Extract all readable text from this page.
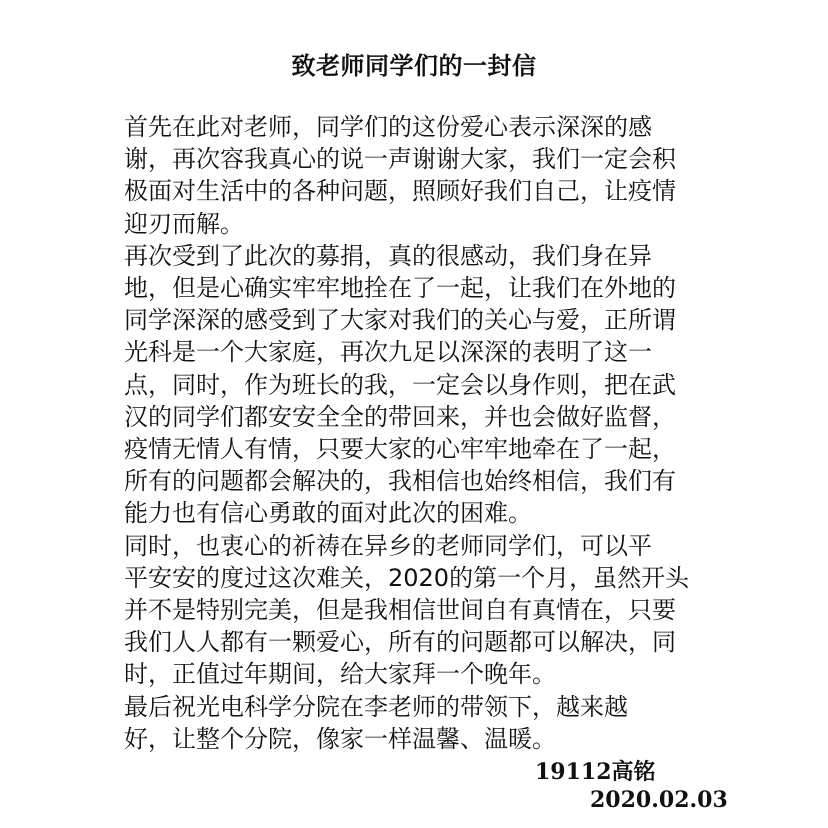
致老师同学们的一封信
首先在此对老师，同学们的这份爱心表示深深的感
谢，再次容我真心的说一声谢谢大家，我们一定会积
极面对生活中的各种问题，照顾好我们自己，让疫情
迎刃而解。
再次受到了此次的募捐，真的很感动，我们身在异
地，但是心确实牢牢地拴在了一起，让我们在外地的
同学深深的感受到了大家对我们的关心与爱，正所谓
光科是一个大家庭，再次九足以深深的表明了这一
点，同时，作为班长的我，一定会以身作则，把在武
汉的同学们都安安全全的带回来，并也会做好监督，
疫情无情人有情，只要大家的心牢牢地牵在了一起，
所有的问题都会解决的，我相信也始终相信，我们有
能力也有信心勇敢的面对此次的困难。
同时，也衷心的祈祷在异乡的老师同学们，可以平
平安安的度过这次难关，2020的第一个月，虽然开头
并不是特别完美，但是我相信世间自有真情在，只要
我们人人都有一颗爱心，所有的问题都可以解决，同
时，正值过年期间，给大家拜一个晚年。
最后祝光电科学分院在李老师的带领下，越来越
好，让整个分院，像家一样温馨、温暖。
19112高铭
2020.02.03
